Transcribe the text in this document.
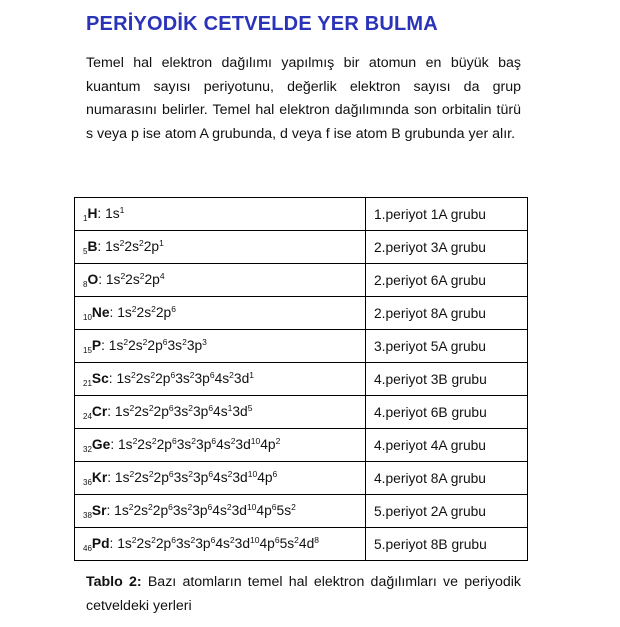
PERİYODİK CETVELDE YER BULMA

Temel hal elektron dağılımı yapılmış bir atomun en büyük baş kuantum sayısı periyotunu, değerlik elektron sayısı da grup numarasını belirler. Temel hal elektron dağılımında son orbitalin türü s veya p ise atom A grubunda, d veya f ise atom B grubunda yer alır.

$_1$H: $1s^1$	1.periyot 1A grubu
$_5$B: $1s^22s^22p^1$	2.periyot 3A grubu
$_8$O: $1s^22s^22p^4$	2.periyot 6A grubu
$_{10}$Ne: $1s^22s^22p^6$	2.periyot 8A grubu
$_{15}$P: $1s^22s^22p^63s^23p^3$	3.periyot 5A grubu
$_{21}$Sc: $1s^22s^22p^63s^23p^64s^23d^1$	4.periyot 3B grubu
$_{24}$Cr: $1s^22s^22p^63s^23p^64s^13d^5$	4.periyot 6B grubu
$_{32}$Ge: $1s^22s^22p^63s^23p^64s^23d^{10}4p^2$	4.periyot 4A grubu
$_{36}$Kr: $1s^22s^22p^63s^23p^64s^23d^{10}4p^6$	4.periyot 8A grubu
$_{38}$Sr: $1s^22s^22p^63s^23p^64s^23d^{10}4p^65s^2$	5.periyot 2A grubu
$_{46}$Pd: $1s^22s^22p^63s^23p^64s^23d^{10}4p^65s^24d^8$	5.periyot 8B grubu

Tablo 2: Bazı atomların temel hal elektron dağılımları ve periyodik cetveldeki yerleri
